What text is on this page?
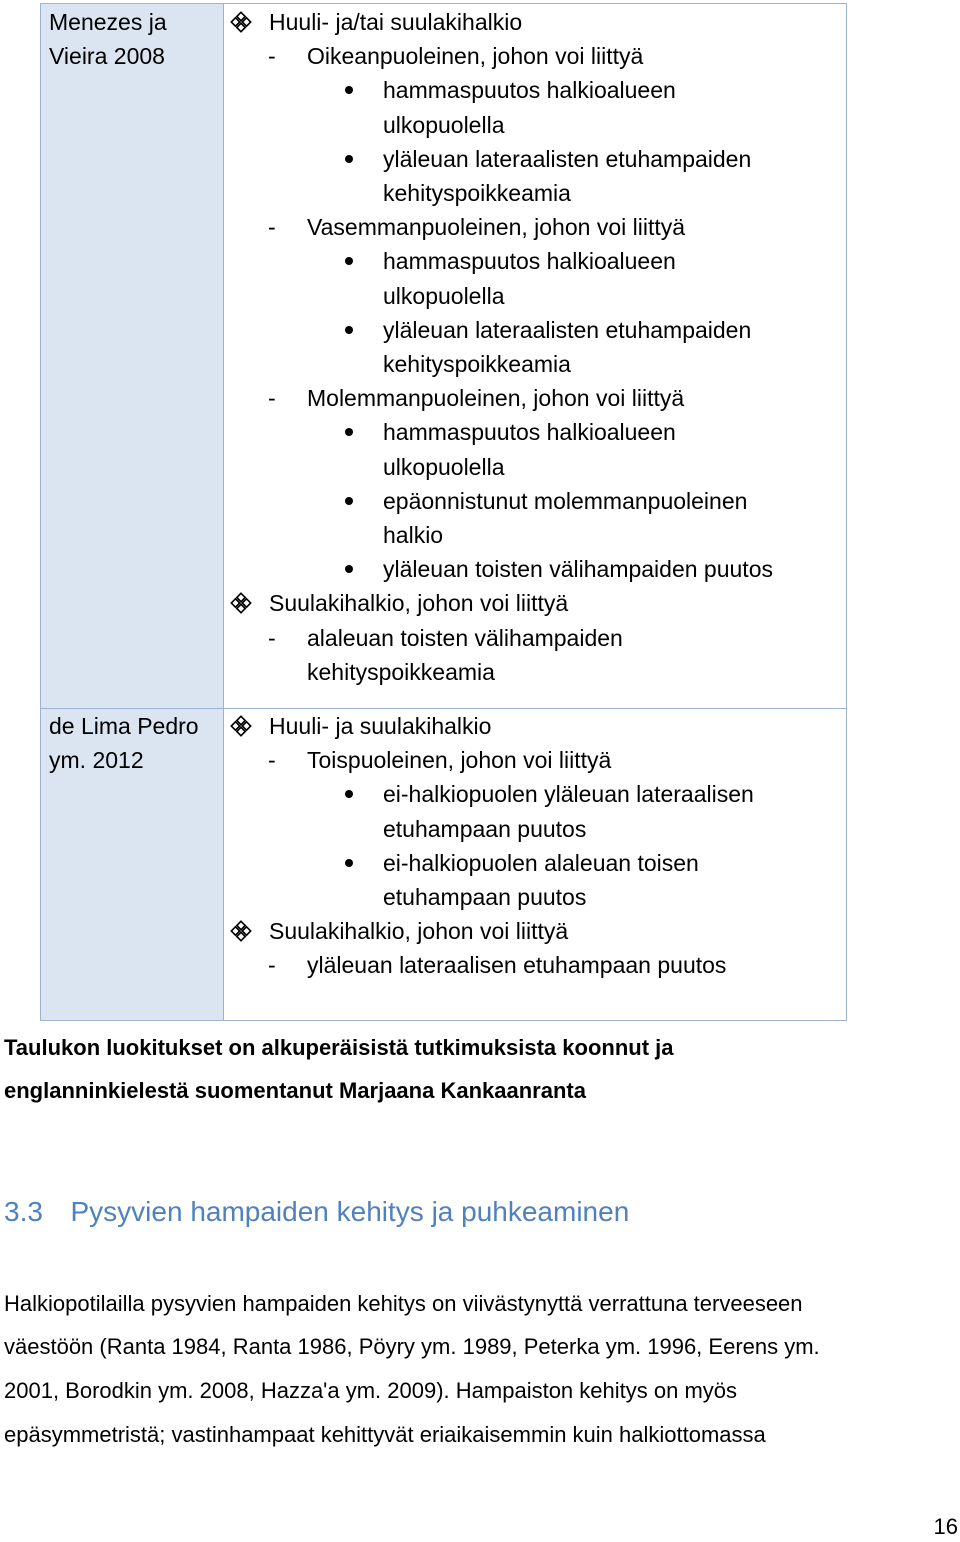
Menezes ja
Vieira 2008
de Lima Pedro
ym. 2012
Huuli- ja/tai suulakihalkio
- Oikeanpuoleinen, johon voi liittyä
hammaspuutos halkioalueen
ulkopuolella
yläleuan lateraalisten etuhampaiden
kehityspoikkeamia
- Vasemmanpuoleinen, johon voi liittyä
hammaspuutos halkioalueen
ulkopuolella
yläleuan lateraalisten etuhampaiden
kehityspoikkeamia
- Molemmanpuoleinen, johon voi liittyä
hammaspuutos halkioalueen
ulkopuolella
epäonnistunut molemmanpuoleinen
halkio
yläleuan toisten välihampaiden puutos
Suulakihalkio, johon voi liittyä
- alaleuan toisten välihampaiden
kehityspoikkeamia
Huuli- ja suulakihalkio
- Toispuoleinen, johon voi liittyä
ei-halkiopuolen yläleuan lateraalisen
etuhampaan puutos
ei-halkiopuolen alaleuan toisen
etuhampaan puutos
Suulakihalkio, johon voi liittyä
- yläleuan lateraalisen etuhampaan puutos
Taulukon luokitukset on alkuperäisistä tutkimuksista koonnut ja
englanninkielestä suomentanut Marjaana Kankaanranta
3.3 Pysyvien hampaiden kehitys ja puhkeaminen
Halkiopotilailla pysyvien hampaiden kehitys on viivästynyttä verrattuna terveeseen
väestöön (Ranta 1984, Ranta 1986, Pöyry ym. 1989, Peterka ym. 1996, Eerens ym.
2001, Borodkin ym. 2008, Hazza'a ym. 2009). Hampaiston kehitys on myös
epäsymmetristä; vastinhampaat kehittyvät eriaikaisemmin kuin halkiottomassa
16
